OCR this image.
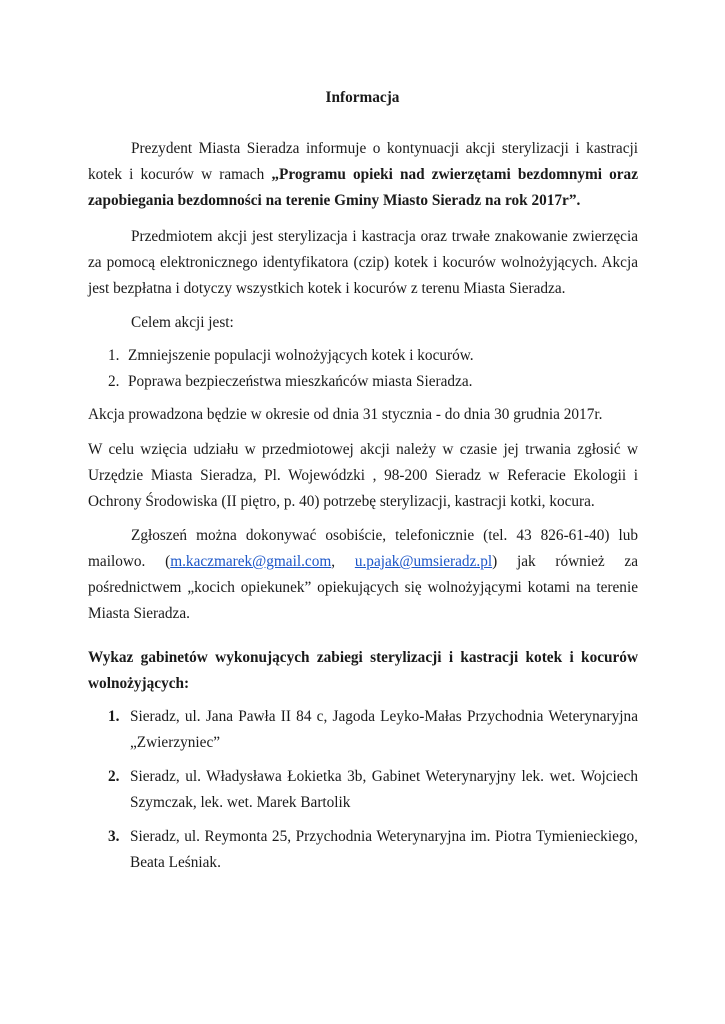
Informacja
Prezydent Miasta Sieradza informuje o kontynuacji akcji sterylizacji i kastracji kotek i kocurów w ramach „Programu opieki nad zwierzętami bezdomnymi oraz zapobiegania bezdomności na terenie Gminy Miasto Sieradz na rok 2017r”.
Przedmiotem akcji jest sterylizacja i kastracja oraz trwałe znakowanie zwierzęcia za pomocą elektronicznego identyfikatora (czip) kotek i kocurów wolnożyjących. Akcja jest bezpłatna i dotyczy wszystkich kotek i kocurów z terenu Miasta Sieradza.
Celem akcji jest:
1. Zmniejszenie populacji wolnożyjących kotek i kocurów.
2. Poprawa bezpieczeństwa mieszkańców miasta Sieradza.
Akcja prowadzona będzie w okresie od dnia 31 stycznia - do dnia 30 grudnia 2017r.
W celu wzięcia udziału w przedmiotowej akcji należy w czasie jej trwania zgłosić w Urzędzie Miasta Sieradza, Pl. Wojewódzki , 98-200 Sieradz w Referacie Ekologii i Ochrony Środowiska (II piętro, p. 40) potrzebę sterylizacji, kastracji kotki, kocura.
Zgłoszeń można dokonywać osobiście, telefonicznie (tel. 43 826-61-40) lub mailowo. (m.kaczmarek@gmail.com, u.pajak@umsieradz.pl) jak również za pośrednictwem „kocich opiekunek” opiekujących się wolnożyjącymi kotami na terenie Miasta Sieradza.
Wykaz gabinetów wykonujących zabiegi sterylizacji i kastracji kotek i kocurów wolnożyjących:
1. Sieradz, ul. Jana Pawła II 84 c, Jagoda Leyko-Małas Przychodnia Weterynaryjna „Zwierzyniec”
2. Sieradz, ul. Władysława Łokietka 3b, Gabinet Weterynaryjny lek. wet. Wojciech Szymczak, lek. wet. Marek Bartolik
3. Sieradz, ul. Reymonta 25, Przychodnia Weterynaryjna im. Piotra Tymienieckiego, Beata Leśniak.
